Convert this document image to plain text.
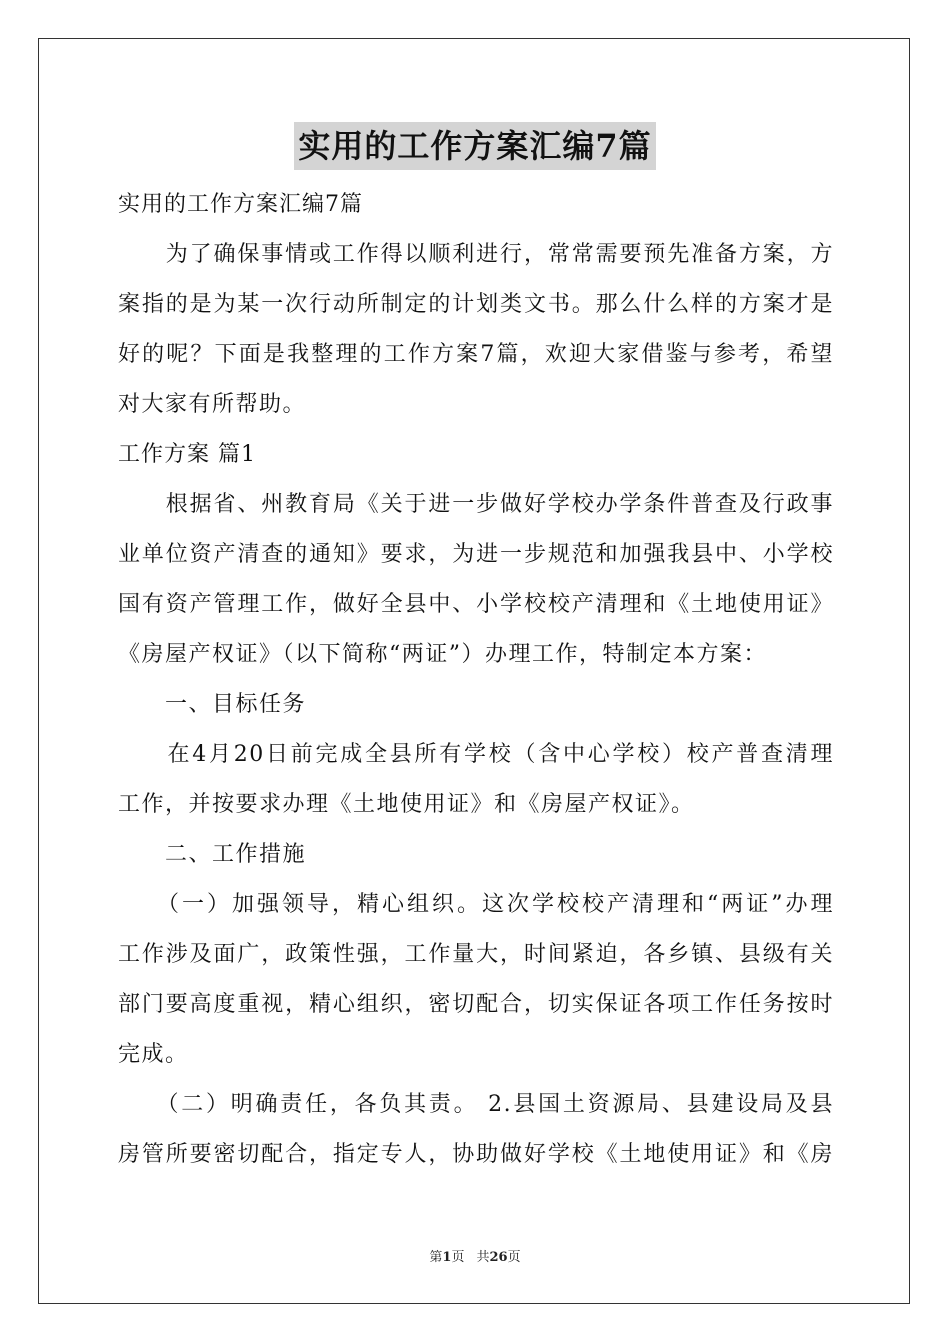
实用的工作方案汇编7篇

实用的工作方案汇编7篇

　　为了确保事情或工作得以顺利进行，常常需要预先准备方案，方

案指的是为某一次行动所制定的计划类文书。那么什么样的方案才是

好的呢？下面是我整理的工作方案7篇，欢迎大家借鉴与参考，希望

对大家有所帮助。

工作方案 篇1

　　根据省、州教育局《关于进一步做好学校办学条件普查及行政事

业单位资产清查的通知》要求，为进一步规范和加强我县中、小学校

国有资产管理工作，做好全县中、小学校校产清理和《土地使用证》

《房屋产权证》（以下简称“两证”）办理工作，特制定本方案：

　　一、目标任务

　　在4月20日前完成全县所有学校（含中心学校）校产普查清理

工作，并按要求办理《土地使用证》和《房屋产权证》。

　　二、工作措施

　　（一）加强领导，精心组织。这次学校校产清理和“两证”办理

工作涉及面广，政策性强，工作量大，时间紧迫，各乡镇、县级有关

部门要高度重视，精心组织，密切配合，切实保证各项工作任务按时

完成。

　　（二）明确责任，各负其责。 2.县国土资源局、县建设局及县

房管所要密切配合，指定专人，协助做好学校《土地使用证》和《房

第1页 共26页
